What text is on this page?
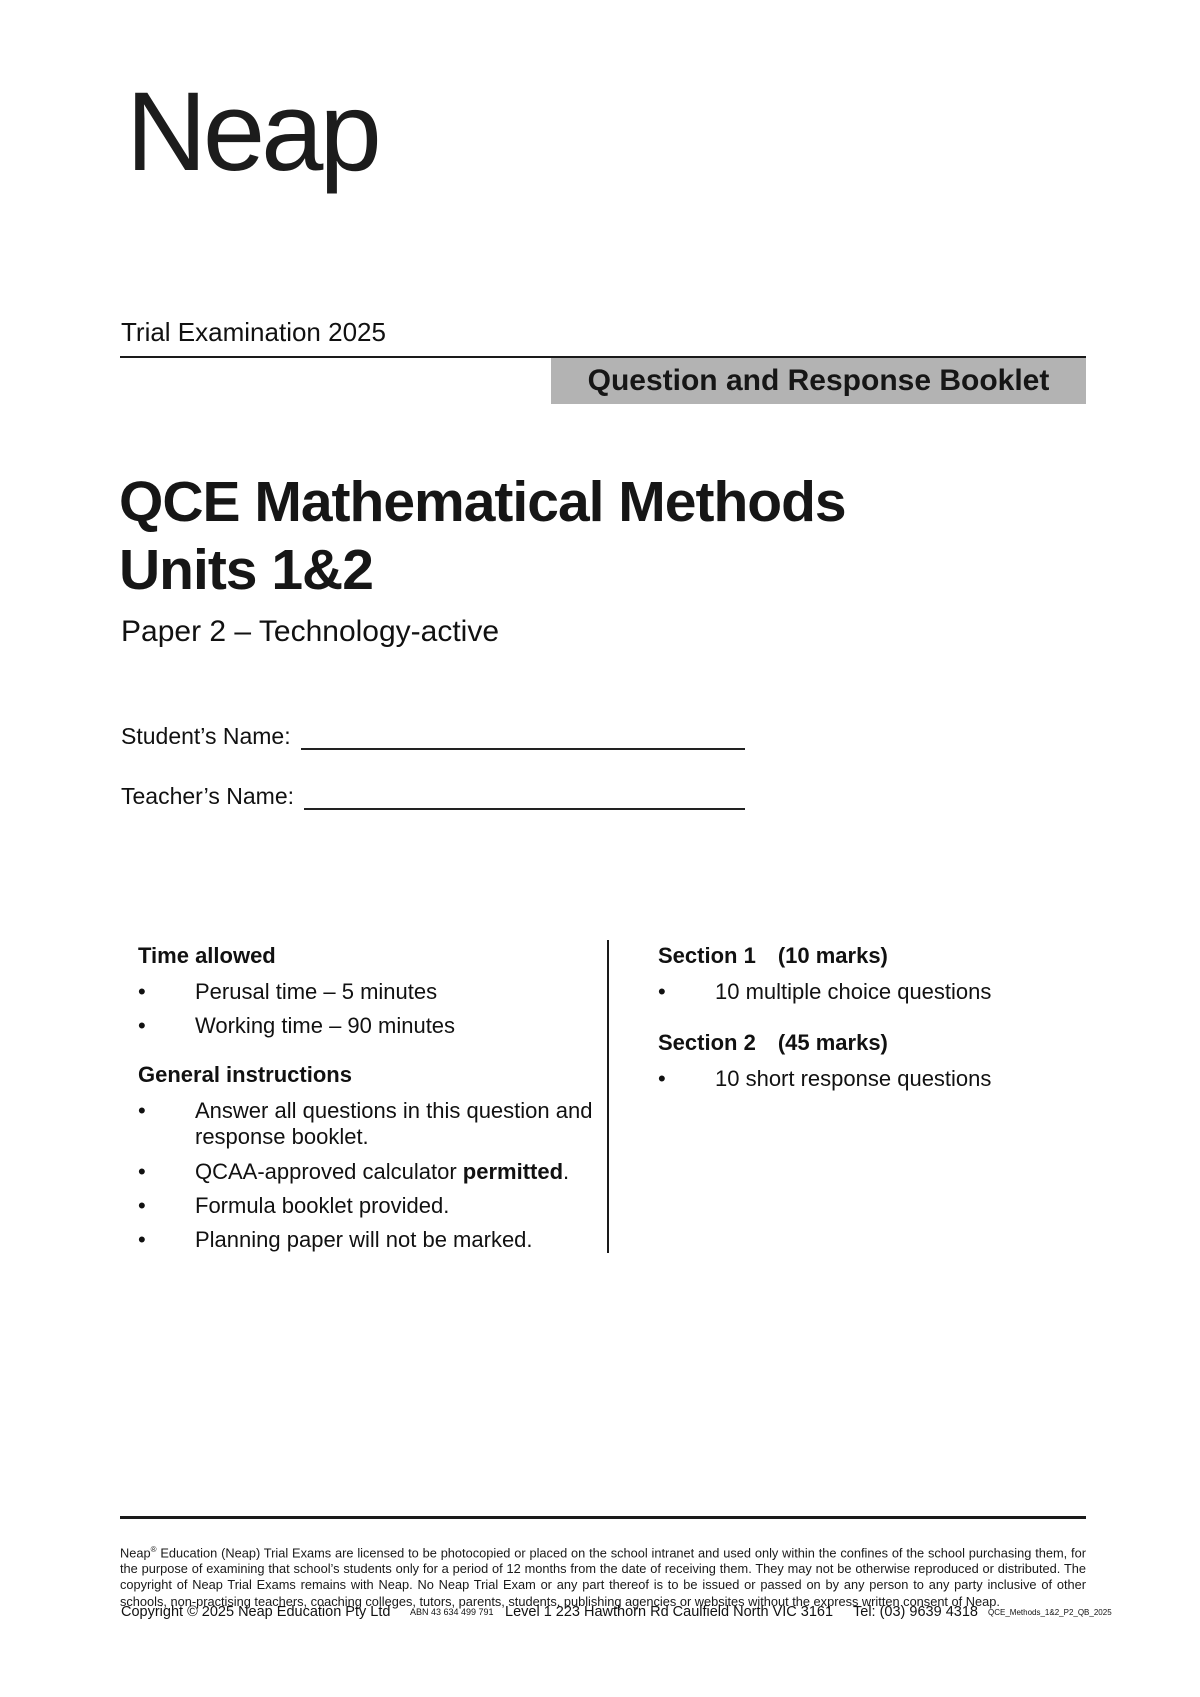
Neap
Trial Examination 2025
Question and Response Booklet
QCE Mathematical Methods
Units 1&2
Paper 2 – Technology-active
Student’s Name:
Teacher’s Name:
Time allowed
•	Perusal time – 5 minutes
•	Working time – 90 minutes
General instructions
•	Answer all questions in this question and
response booklet.
•	QCAA-approved calculator permitted.
•	Formula booklet provided.
•	Planning paper will not be marked.
Section 1 (10 marks)
•	10 multiple choice questions
Section 2 (45 marks)
•	10 short response questions

Neap® Education (Neap) Trial Exams are licensed to be photocopied or placed on the school intranet and used only within the confines of the school purchasing them, for the purpose of examining that school’s students only for a period of 12 months from the date of receiving them. They may not be otherwise reproduced or distributed. The copyright of Neap Trial Exams remains with Neap. No Neap Trial Exam or any part thereof is to be issued or passed on by any person to any party inclusive of other schools, non-practising teachers, coaching colleges, tutors, parents, students, publishing agencies or websites without the express written consent of Neap.

Copyright © 2025 Neap Education Pty Ltd ABN 43 634 499 791 Level 1 223 Hawthorn Rd Caulfield North VIC 3161 Tel: (03) 9639 4318 QCE_Methods_1&2_P2_QB_2025
